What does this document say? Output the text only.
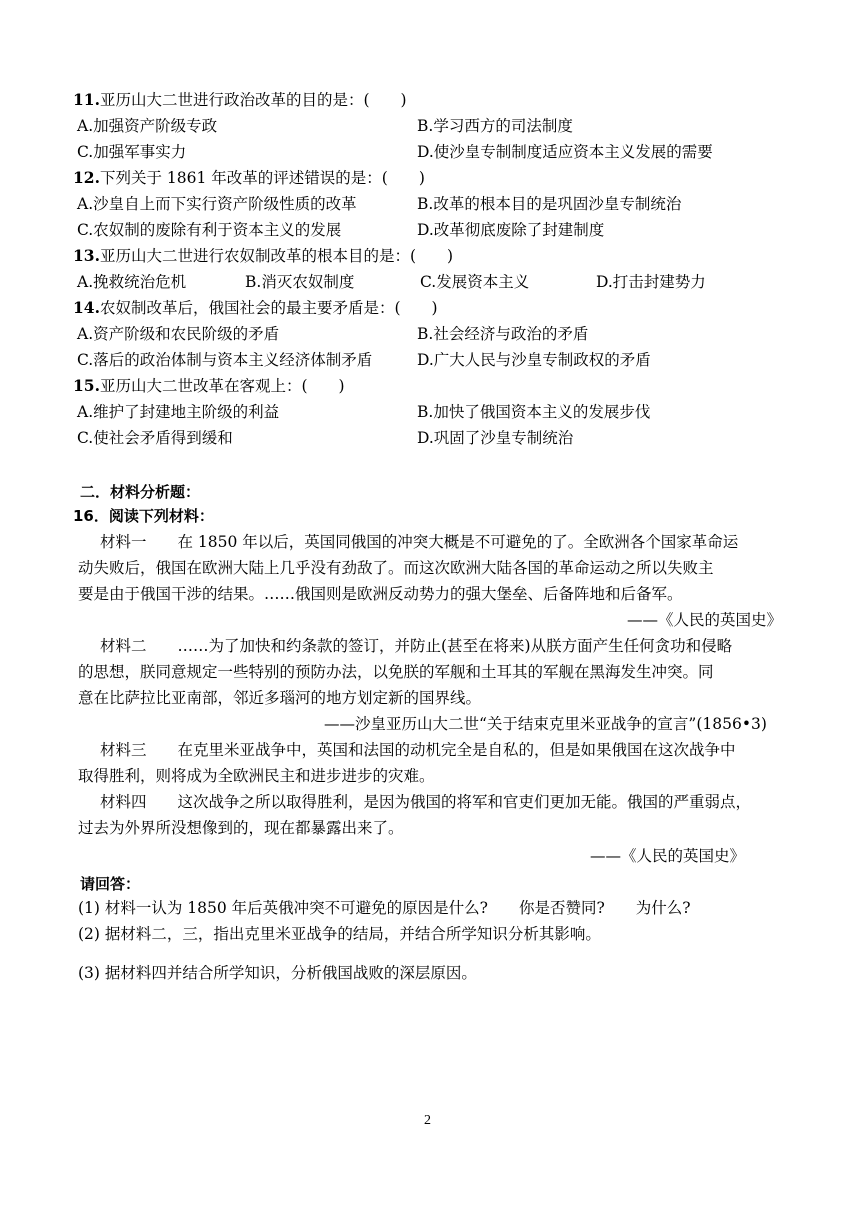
11.亚历山大二世进行政治改革的目的是：(　　)
A.加强资产阶级专政	B.学习西方的司法制度
C.加强军事实力	D.使沙皇专制制度适应资本主义发展的需要
12.下列关于 1861 年改革的评述错误的是：(　　)
A.沙皇自上而下实行资产阶级性质的改革	B.改革的根本目的是巩固沙皇专制统治
C.农奴制的废除有利于资本主义的发展	D.改革彻底废除了封建制度
13.亚历山大二世进行农奴制改革的根本目的是：(　　)
A.挽救统治危机	B.消灭农奴制度	C.发展资本主义	D.打击封建势力
14.农奴制改革后，俄国社会的最主要矛盾是：(　　)
A.资产阶级和农民阶级的矛盾	B.社会经济与政治的矛盾
C.落后的政治体制与资本主义经济体制矛盾	D.广大人民与沙皇专制政权的矛盾
15.亚历山大二世改革在客观上：(　　)
A.维护了封建地主阶级的利益	B.加快了俄国资本主义的发展步伐
C.使社会矛盾得到缓和	D.巩固了沙皇专制统治
二．材料分析题：
16．阅读下列材料：
材料一　　在 1850 年以后，英国同俄国的冲突大概是不可避免的了。全欧洲各个国家革命运
动失败后，俄国在欧洲大陆上几乎没有劲敌了。而这次欧洲大陆各国的革命运动之所以失败主
要是由于俄国干涉的结果。……俄国则是欧洲反动势力的强大堡垒、后备阵地和后备军。
——《人民的英国史》
材料二　　……为了加快和约条款的签订，并防止(甚至在将来)从朕方面产生任何贪功和侵略
的思想，朕同意规定一些特别的预防办法，以免朕的军舰和土耳其的军舰在黑海发生冲突。同
意在比萨拉比亚南部，邻近多瑙河的地方划定新的国界线。
——沙皇亚历山大二世“关于结束克里米亚战争的宣言”(1856•3)
材料三　　在克里米亚战争中，英国和法国的动机完全是自私的，但是如果俄国在这次战争中
取得胜利，则将成为全欧洲民主和进步进步的灾难。
材料四　　这次战争之所以取得胜利，是因为俄国的将军和官吏们更加无能。俄国的严重弱点，
过去为外界所没想像到的，现在都暴露出来了。
——《人民的英国史》
请回答：
(1) 材料一认为 1850 年后英俄冲突不可避免的原因是什么?　　你是否赞同?　　为什么?
(2) 据材料二，三，指出克里米亚战争的结局，并结合所学知识分析其影响。
(3) 据材料四并结合所学知识，分析俄国战败的深层原因。
2
